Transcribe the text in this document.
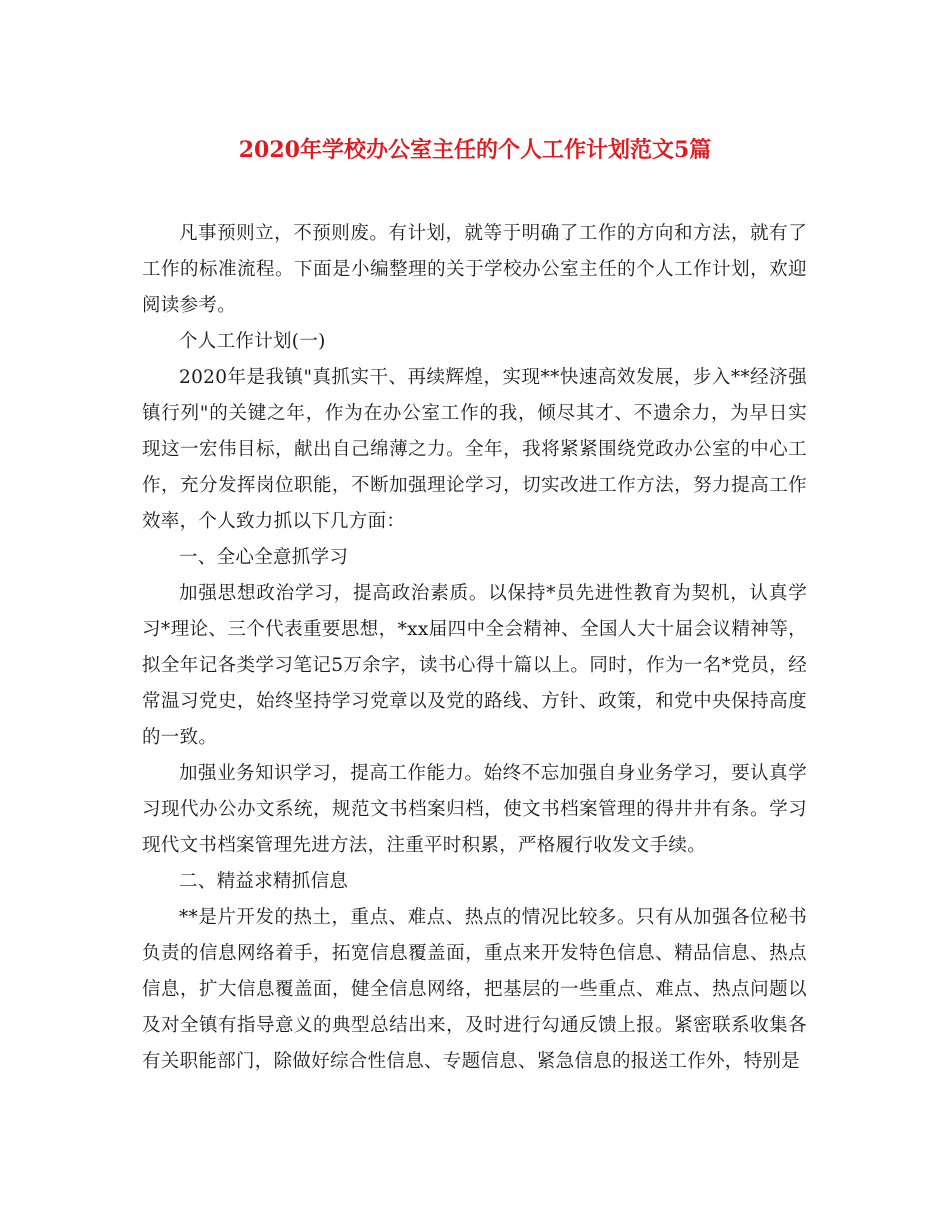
2020年学校办公室主任的个人工作计划范文5篇

凡事预则立，不预则废。有计划，就等于明确了工作的方向和方法，就有了工作的标准流程。下面是小编整理的关于学校办公室主任的个人工作计划，欢迎阅读参考。

个人工作计划(一)

2020年是我镇"真抓实干、再续辉煌，实现**快速高效发展，步入**经济强镇行列"的关键之年，作为在办公室工作的我，倾尽其才、不遗余力，为早日实现这一宏伟目标，献出自己绵薄之力。全年，我将紧紧围绕党政办公室的中心工作，充分发挥岗位职能，不断加强理论学习，切实改进工作方法，努力提高工作效率，个人致力抓以下几方面：

一、全心全意抓学习

加强思想政治学习，提高政治素质。以保持*员先进性教育为契机，认真学习*理论、三个代表重要思想，*xx届四中全会精神、全国人大十届会议精神等，拟全年记各类学习笔记5万余字，读书心得十篇以上。同时，作为一名*党员，经常温习党史，始终坚持学习党章以及党的路线、方针、政策，和党中央保持高度的一致。

加强业务知识学习，提高工作能力。始终不忘加强自身业务学习，要认真学习现代办公办文系统，规范文书档案归档，使文书档案管理的得井井有条。学习现代文书档案管理先进方法，注重平时积累，严格履行收发文手续。

二、精益求精抓信息

**是片开发的热土，重点、难点、热点的情况比较多。只有从加强各位秘书负责的信息网络着手，拓宽信息覆盖面，重点来开发特色信息、精品信息、热点信息，扩大信息覆盖面，健全信息网络，把基层的一些重点、难点、热点问题以及对全镇有指导意义的典型总结出来，及时进行勾通反馈上报。紧密联系收集各有关职能部门，除做好综合性信息、专题信息、紧急信息的报送工作外，特别是
